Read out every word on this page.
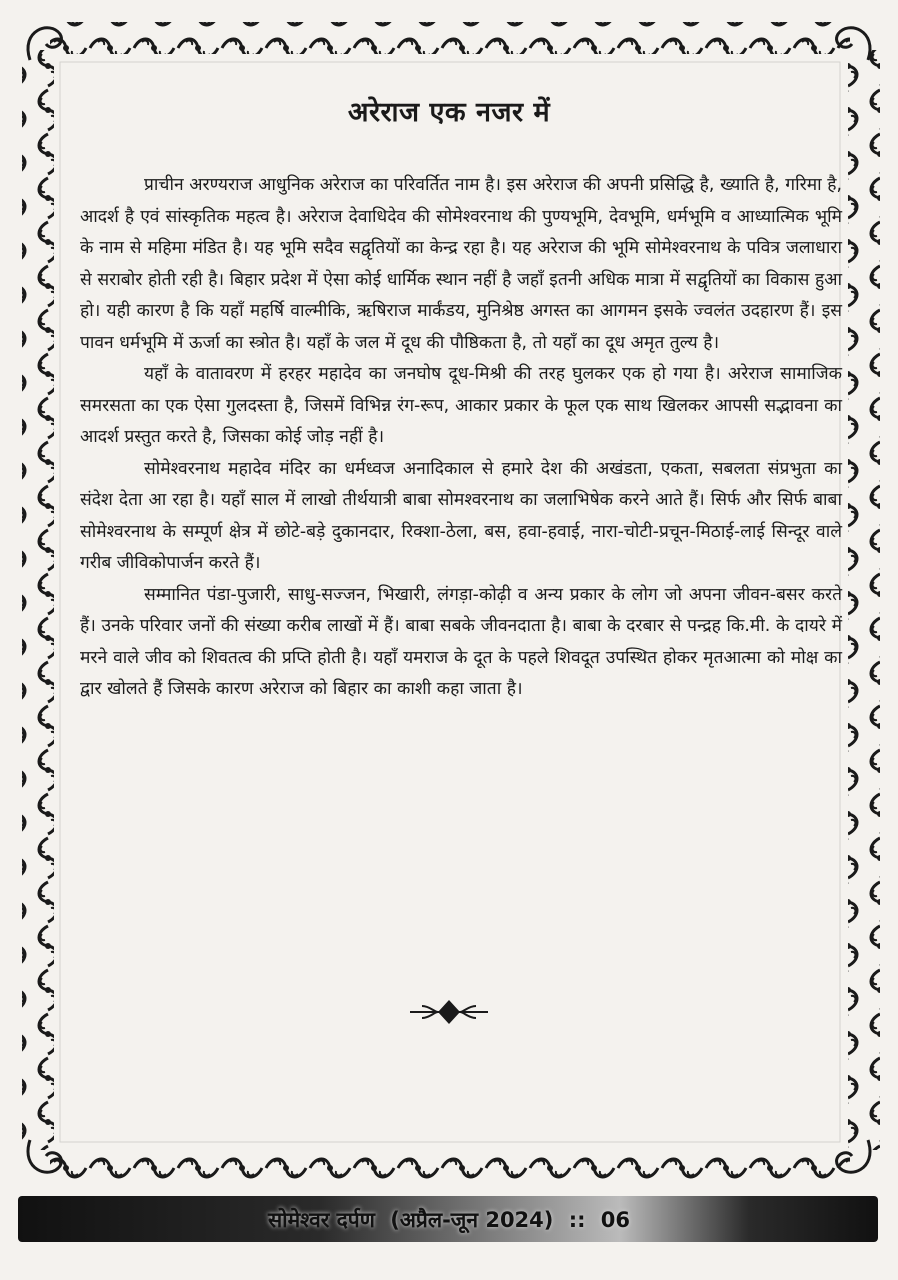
अरेराज एक नजर में

प्राचीन अरण्यराज आधुनिक अरेराज का परिवर्तित नाम है। इस अरेराज की अपनी प्रसिद्धि है, ख्याति है, गरिमा है, आदर्श है एवं सांस्कृतिक महत्व है। अरेराज देवाधिदेव की सोमेश्वरनाथ की पुण्यभूमि, देवभूमि, धर्मभूमि व आध्यात्मिक भूमि के नाम से महिमा मंडित है। यह भूमि सदैव सद्वृतियों का केन्द्र रहा है। यह अरेराज की भूमि सोमेश्वरनाथ के पवित्र जलाधारा से सराबोर होती रही है। बिहार प्रदेश में ऐसा कोई धार्मिक स्थान नहीं है जहाँ इतनी अधिक मात्रा में सद्वृतियों का विकास हुआ हो। यही कारण है कि यहाँ महर्षि वाल्मीकि, ऋषिराज मार्कंडय, मुनिश्रेष्ठ अगस्त का आगमन इसके ज्वलंत उदहारण हैं। इस पावन धर्मभूमि में ऊर्जा का स्त्रोत है। यहाँ के जल में दूध की पौष्ठिकता है, तो यहाँ का दूध अमृत तुल्य है।

यहाँ के वातावरण में हरहर महादेव का जनघोष दूध-मिश्री की तरह घुलकर एक हो गया है। अरेराज सामाजिक समरसता का एक ऐसा गुलदस्ता है, जिसमें विभिन्न रंग-रूप, आकार प्रकार के फूल एक साथ खिलकर आपसी सद्भावना का आदर्श प्रस्तुत करते है, जिसका कोई जोड़ नहीं है।

सोमेश्वरनाथ महादेव मंदिर का धर्मध्वज अनादिकाल से हमारे देश की अखंडता, एकता, सबलता संप्रभुता का संदेश देता आ रहा है। यहाँ साल में लाखो तीर्थयात्री बाबा सोमश्वरनाथ का जलाभिषेक करने आते हैं। सिर्फ और सिर्फ बाबा सोमेश्वरनाथ के सम्पूर्ण क्षेत्र में छोटे-बड़े दुकानदार, रिक्शा-ठेला, बस, हवा-हवाई, नारा-चोटी-प्रचून-मिठाई-लाई सिन्दूर वाले गरीब जीविकोपार्जन करते हैं।

सम्मानित पंडा-पुजारी, साधु-सज्जन, भिखारी, लंगड़ा-कोढ़ी व अन्य प्रकार के लोग जो अपना जीवन-बसर करते हैं। उनके परिवार जनों की संख्या करीब लाखों में हैं। बाबा सबके जीवनदाता है। बाबा के दरबार से पन्द्रह कि.मी. के दायरे में मरने वाले जीव को शिवतत्व की प्रप्ति होती है। यहाँ यमराज के दूत के पहले शिवदूत उपस्थित होकर मृतआत्मा को मोक्ष का द्वार खोलते हैं जिसके कारण अरेराज को बिहार का काशी कहा जाता है।

सोमेश्वर दर्पण (अप्रैल-जून 2024) :: 06
